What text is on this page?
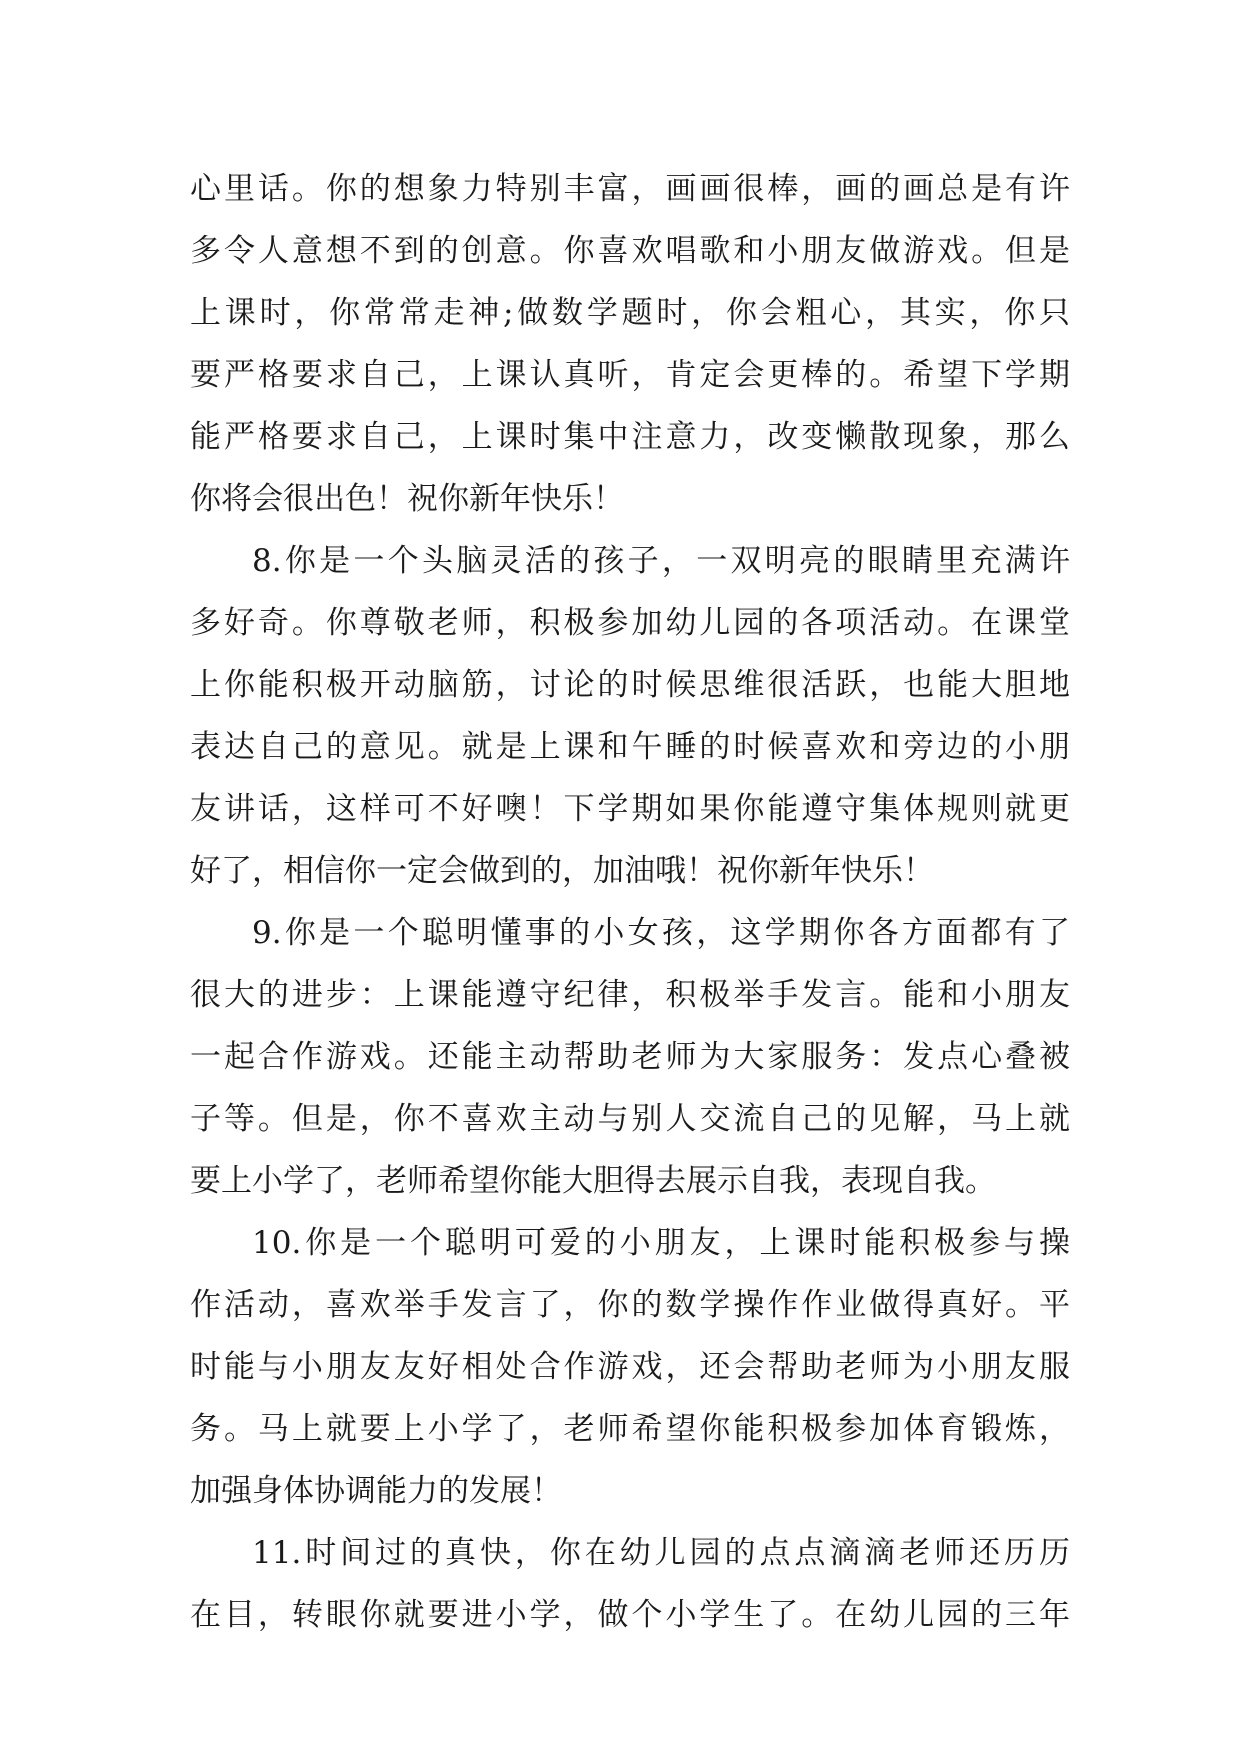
心里话。你的想象力特别丰富，画画很棒，画的画总是有许
多令人意想不到的创意。你喜欢唱歌和小朋友做游戏。但是
上课时，你常常走神;做数学题时，你会粗心，其实，你只
要严格要求自己，上课认真听，肯定会更棒的。希望下学期
能严格要求自己，上课时集中注意力，改变懒散现象，那么
你将会很出色！祝你新年快乐！
8.你是一个头脑灵活的孩子，一双明亮的眼睛里充满许
多好奇。你尊敬老师，积极参加幼儿园的各项活动。在课堂
上你能积极开动脑筋，讨论的时候思维很活跃，也能大胆地
表达自己的意见。就是上课和午睡的时候喜欢和旁边的小朋
友讲话，这样可不好噢！下学期如果你能遵守集体规则就更
好了，相信你一定会做到的，加油哦！祝你新年快乐！
9.你是一个聪明懂事的小女孩，这学期你各方面都有了
很大的进步：上课能遵守纪律，积极举手发言。能和小朋友
一起合作游戏。还能主动帮助老师为大家服务：发点心叠被
子等。但是，你不喜欢主动与别人交流自己的见解，马上就
要上小学了，老师希望你能大胆得去展示自我，表现自我。
10.你是一个聪明可爱的小朋友，上课时能积极参与操
作活动，喜欢举手发言了，你的数学操作作业做得真好。平
时能与小朋友友好相处合作游戏，还会帮助老师为小朋友服
务。马上就要上小学了，老师希望你能积极参加体育锻炼，
加强身体协调能力的发展！
11.时间过的真快，你在幼儿园的点点滴滴老师还历历
在目，转眼你就要进小学，做个小学生了。在幼儿园的三年
